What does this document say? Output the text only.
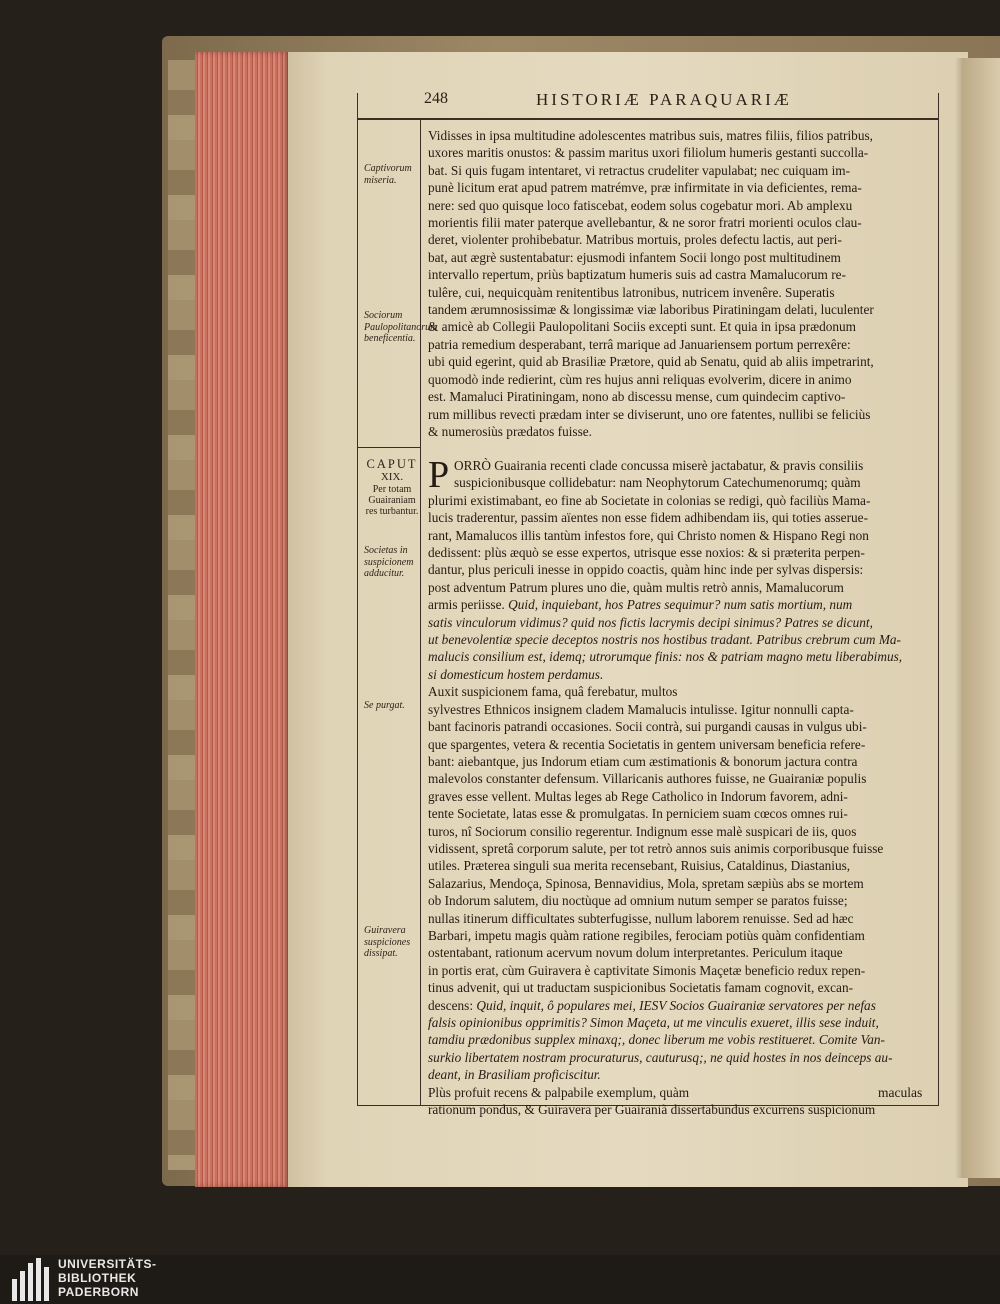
248	HISTORIÆ PARAQUARIÆ
Captivorum miseria.
Sociorum Paulopolitanorum beneficentia.
CAPUT
XIX.
Per totam Guairaniam res turbantur.
Societas in suspicionem adducitur.
Se purgat.
Guiravera suspiciones dissipat.
Vidisses in ipsa multitudine adolescentes matribus suis, matres filiis, filios patribus,
uxores maritis onustos: & passim maritus uxori filiolum humeris gestanti succolla-
bat. Si quis fugam intentaret, vi retractus crudeliter vapulabat; nec cuiquam im-
punè licitum erat apud patrem matrémve, præ infirmitate in via deficientes, rema-
nere: sed quo quisque loco fatiscebat, eodem solus cogebatur mori. Ab amplexu
morientis filii mater paterque avellebantur, & ne soror fratri morienti oculos clau-
deret, violenter prohibebatur. Matribus mortuis, proles defectu lactis, aut peri-
bat, aut ægrè sustentabatur: ejusmodi infantem Socii longo post multitudinem
intervallo repertum, priùs baptizatum humeris suis ad castra Mamalucorum re-
tulêre, cui, nequicquàm renitentibus latronibus, nutricem invenêre. Superatis
tandem ærumnosissimæ & longissimæ viæ laboribus Piratiningam delati, luculenter
& amicè ab Collegii Paulopolitani Sociis excepti sunt. Et quia in ipsa prædonum
patria remedium desperabant, terrâ marique ad Januariensem portum perrexêre:
ubi quid egerint, quid ab Brasiliæ Prætore, quid ab Senatu, quid ab aliis impetrarint,
quomodò inde redierint, cùm res hujus anni reliquas evolverim, dicere in animo
est. Mamaluci Piratiningam, nono ab discessu mense, cum quindecim captivo-
rum millibus revecti prædam inter se diviserunt, uno ore fatentes, nullibi se feliciùs
& numerosiùs prædatos fuisse.
P ORRÒ Guairania recenti clade concussa miserè jactabatur, & pravis consiliis
suspicionibusque collidebatur: nam Neophytorum Catechumenorumq; quàm
plurimi existimabant, eo fine ab Societate in colonias se redigi, quò faciliùs Mama-
lucis traderentur, passim aïentes non esse fidem adhibendam iis, qui toties asserue-
rant, Mamalucos illis tantùm infestos fore, qui Christo nomen & Hispano Regi non
dedissent: plùs æquò se esse expertos, utrisque esse noxios: & si præterita perpen-
dantur, plus periculi inesse in oppido coactis, quàm hinc inde per sylvas dispersis:
post adventum Patrum plures uno die, quàm multis retrò annis, Mamalucorum
armis periisse. Quid, inquiebant, hos Patres sequimur? num satis mortium, num
satis vinculorum vidimus? quid nos fictis lacrymis decipi sinimus? Patres se dicunt,
ut benevolentiæ specie deceptos nostris nos hostibus tradant. Patribus crebrum cum Ma-
malucis consilium est, idemq; utrorumque finis: nos & patriam magno metu liberabimus,
si domesticum hostem perdamus.
Auxit suspicionem fama, quâ ferebatur, multos
sylvestres Ethnicos insignem cladem Mamalucis intulisse. Igitur nonnulli capta-
bant facinoris patrandi occasiones. Socii contrà, sui purgandi causas in vulgus ubi-
que spargentes, vetera & recentia Societatis in gentem universam beneficia refere-
bant: aiebantque, jus Indorum etiam cum æstimationis & bonorum jactura contra
malevolos constanter defensum. Villaricanis authores fuisse, ne Guairaniæ populis
graves esse vellent. Multas leges ab Rege Catholico in Indorum favorem, adni-
tente Societate, latas esse & promulgatas. In perniciem suam cœcos omnes rui-
turos, nî Sociorum consilio regerentur. Indignum esse malè suspicari de iis, quos
vidissent, spretâ corporum salute, per tot retrò annos suis animis corporibusque fuisse
utiles. Præterea singuli sua merita recensebant, Ruisius, Cataldinus, Diastanius,
Salazarius, Mendoça, Spinosa, Bennavidius, Mola, spretam sæpiùs abs se mortem
ob Indorum salutem, diu noctùque ad omnium nutum semper se paratos fuisse;
nullas itinerum difficultates subterfugisse, nullum laborem renuisse. Sed ad hæc
Barbari, impetu magis quàm ratione regibiles, ferociam potiùs quàm confidentiam
ostentabant, rationum acervum novum dolum interpretantes. Periculum itaque
in portis erat, cùm Guiravera è captivitate Simonis Maçetæ beneficio redux repen-
tinus advenit, qui ut traductam suspicionibus Societatis famam cognovit, excan-
descens: Quid, inquit, ô populares mei, IESV Socios Guairaniæ servatores per nefas
falsis opinionibus opprimitis? Simon Maçeta, ut me vinculis exueret, illis sese induit,
tamdiu prædonibus supplex minaxq;, donec liberum me vobis restitueret. Comite Van-
surkio libertatem nostram procuraturus, cauturusq;, ne quid hostes in nos deinceps au-
deant, in Brasiliam proficiscitur.
Plùs profuit recens & palpabile exemplum, quàm
rationum pondus, & Guiravera per Guairaniã dissertabundus excurrens suspicionum
maculas
UNIVERSITÄTS-
BIBLIOTHEK
PADERBORN
